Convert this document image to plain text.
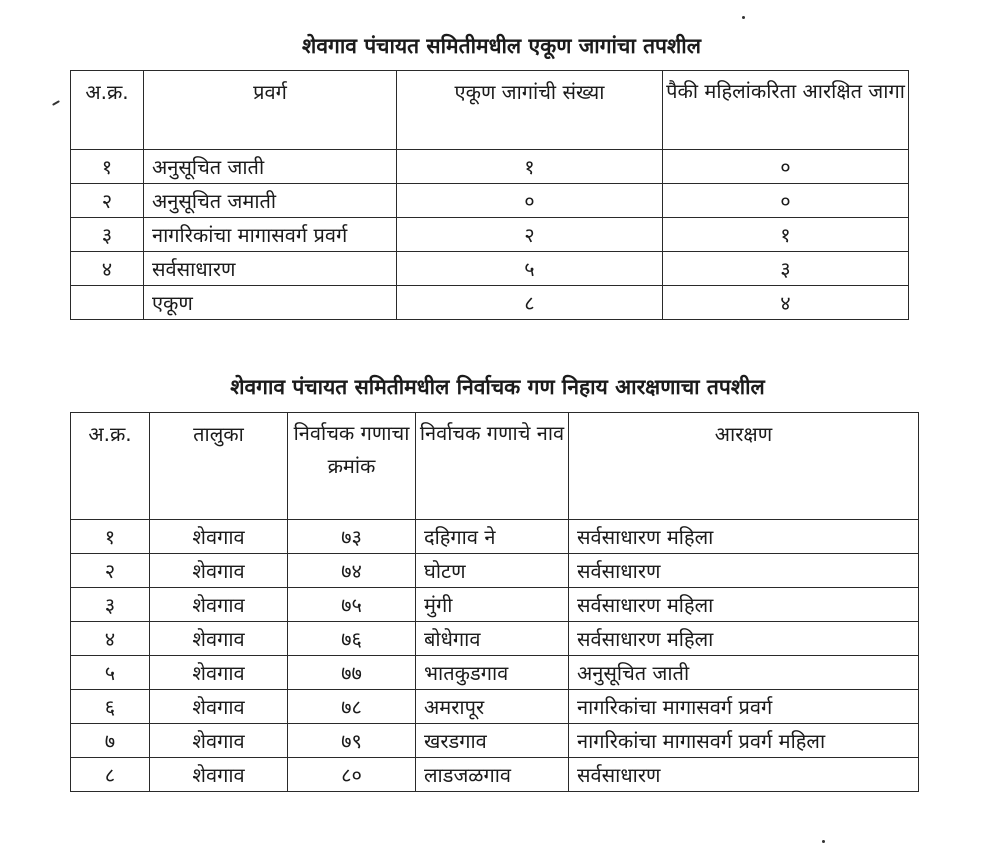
शेवगाव पंचायत समितीमधील एकूण जागांचा तपशील
अ.क्र.	प्रवर्ग	एकूण जागांची संख्या	पैकी महिलांकरिता आरक्षित जागा
१	अनुसूचित जाती	१	०
२	अनुसूचित जमाती	०	०
३	नागरिकांचा मागासवर्ग प्रवर्ग	२	१
४	सर्वसाधारण	५	३
	एकूण	८	४
शेवगाव पंचायत समितीमधील निर्वाचक गण निहाय आरक्षणाचा तपशील
अ.क्र.	तालुका	निर्वाचक गणाचा क्रमांक	निर्वाचक गणाचे नाव	आरक्षण
१	शेवगाव	७३	दहिगाव ने	सर्वसाधारण महिला
२	शेवगाव	७४	घोटण	सर्वसाधारण
३	शेवगाव	७५	मुंगी	सर्वसाधारण महिला
४	शेवगाव	७६	बोधेगाव	सर्वसाधारण महिला
५	शेवगाव	७७	भातकुडगाव	अनुसूचित जाती
६	शेवगाव	७८	अमरापूर	नागरिकांचा मागासवर्ग प्रवर्ग
७	शेवगाव	७९	खरडगाव	नागरिकांचा मागासवर्ग प्रवर्ग महिला
८	शेवगाव	८०	लाडजळगाव	सर्वसाधारण
